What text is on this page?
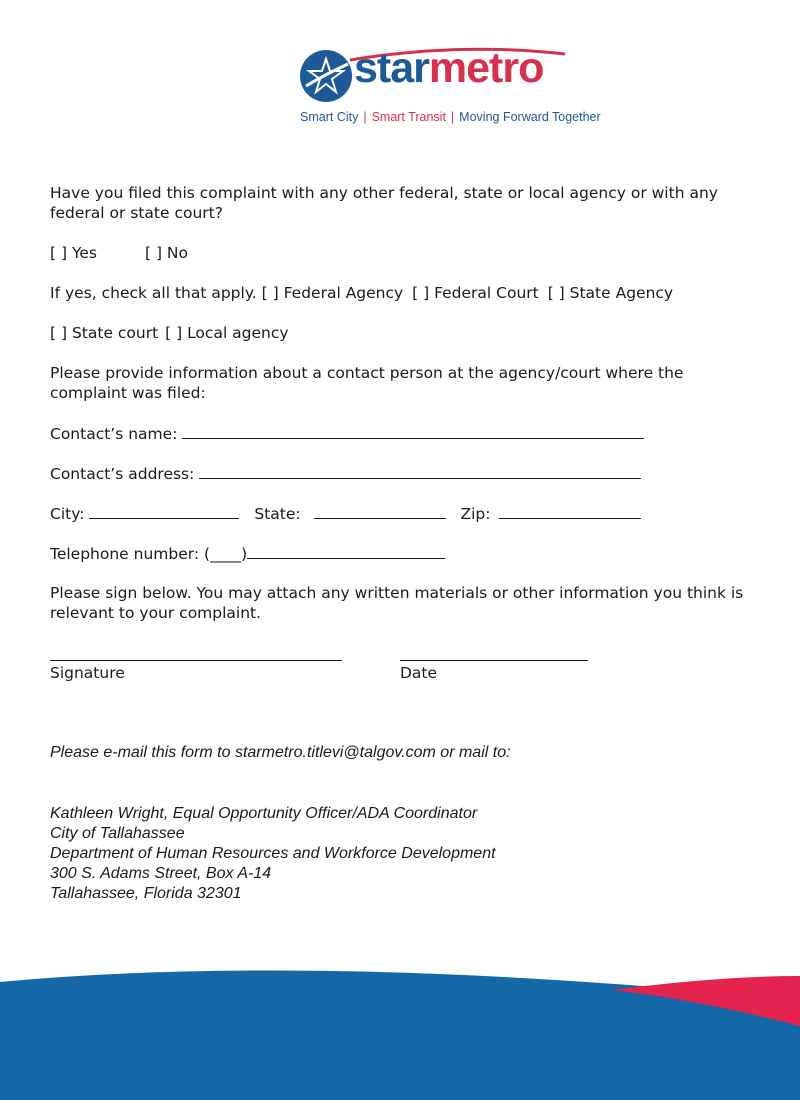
starmetro
Smart City | Smart Transit | Moving Forward Together
Have you filed this complaint with any other federal, state or local agency or with any federal or state court?
[ ] Yes	[ ] No
If yes, check all that apply. [ ] Federal Agency [ ] Federal Court [ ] State Agency
[ ] State court [ ] Local agency
Please provide information about a contact person at the agency/court where the complaint was filed:
Contact’s name:
Contact’s address:
City:	State:	Zip:
Telephone number: (____)
Please sign below. You may attach any written materials or other information you think is relevant to your complaint.
Signature	Date
Please e-mail this form to starmetro.titlevi@talgov.com or mail to:
Kathleen Wright, Equal Opportunity Officer/ADA Coordinator
City of Tallahassee
Department of Human Resources and Workforce Development
300 S. Adams Street, Box A-14
Tallahassee, Florida 32301
